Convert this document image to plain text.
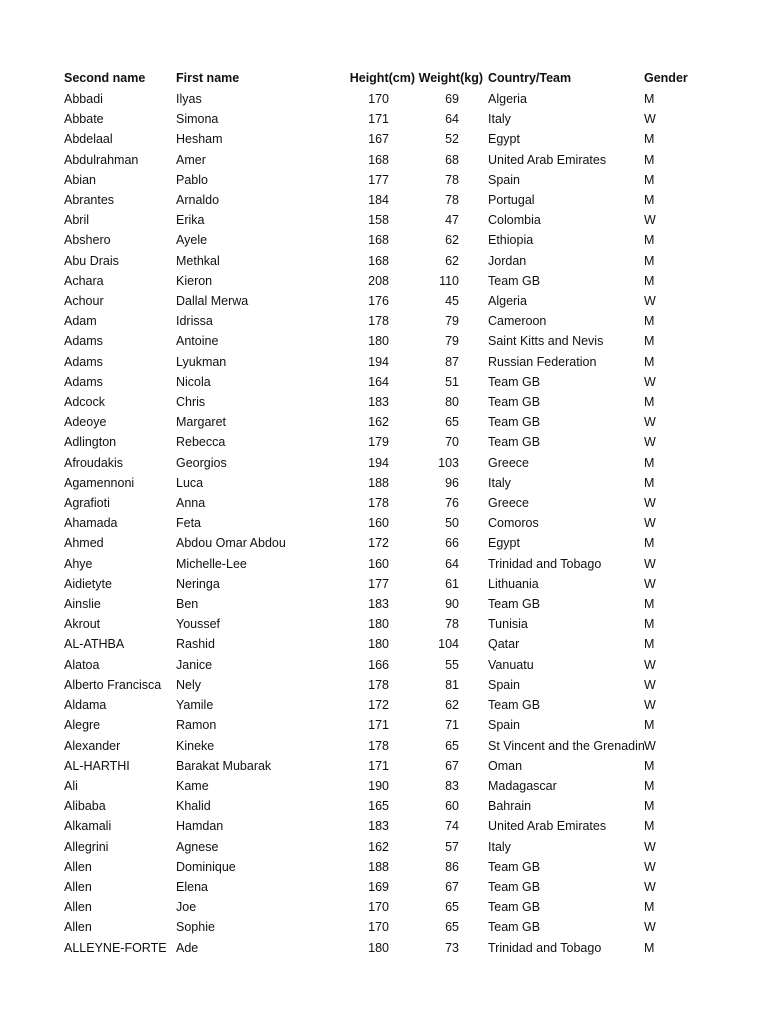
Second name	First name	Height(cm)	Weight(kg)	Country/Team	Gender
Abbadi	Ilyas	170	69	Algeria	M
Abbate	Simona	171	64	Italy	W
Abdelaal	Hesham	167	52	Egypt	M
Abdulrahman	Amer	168	68	United Arab Emirates	M
Abian	Pablo	177	78	Spain	M
Abrantes	Arnaldo	184	78	Portugal	M
Abril	Erika	158	47	Colombia	W
Abshero	Ayele	168	62	Ethiopia	M
Abu Drais	Methkal	168	62	Jordan	M
Achara	Kieron	208	110	Team GB	M
Achour	Dallal Merwa	176	45	Algeria	W
Adam	Idrissa	178	79	Cameroon	M
Adams	Antoine	180	79	Saint Kitts and Nevis	M
Adams	Lyukman	194	87	Russian Federation	M
Adams	Nicola	164	51	Team GB	W
Adcock	Chris	183	80	Team GB	M
Adeoye	Margaret	162	65	Team GB	W
Adlington	Rebecca	179	70	Team GB	W
Afroudakis	Georgios	194	103	Greece	M
Agamennoni	Luca	188	96	Italy	M
Agrafioti	Anna	178	76	Greece	W
Ahamada	Feta	160	50	Comoros	W
Ahmed	Abdou Omar Abdou	172	66	Egypt	M
Ahye	Michelle-Lee	160	64	Trinidad and Tobago	W
Aidietyte	Neringa	177	61	Lithuania	W
Ainslie	Ben	183	90	Team GB	M
Akrout	Youssef	180	78	Tunisia	M
AL-ATHBA	Rashid	180	104	Qatar	M
Alatoa	Janice	166	55	Vanuatu	W
Alberto Francisca	Nely	178	81	Spain	W
Aldama	Yamile	172	62	Team GB	W
Alegre	Ramon	171	71	Spain	M
Alexander	Kineke	178	65	St Vincent and the Grenadin	W
AL-HARTHI	Barakat Mubarak	171	67	Oman	M
Ali	Kame	190	83	Madagascar	M
Alibaba	Khalid	165	60	Bahrain	M
Alkamali	Hamdan	183	74	United Arab Emirates	M
Allegrini	Agnese	162	57	Italy	W
Allen	Dominique	188	86	Team GB	W
Allen	Elena	169	67	Team GB	W
Allen	Joe	170	65	Team GB	M
Allen	Sophie	170	65	Team GB	W
ALLEYNE-FORTE	Ade	180	73	Trinidad and Tobago	M
